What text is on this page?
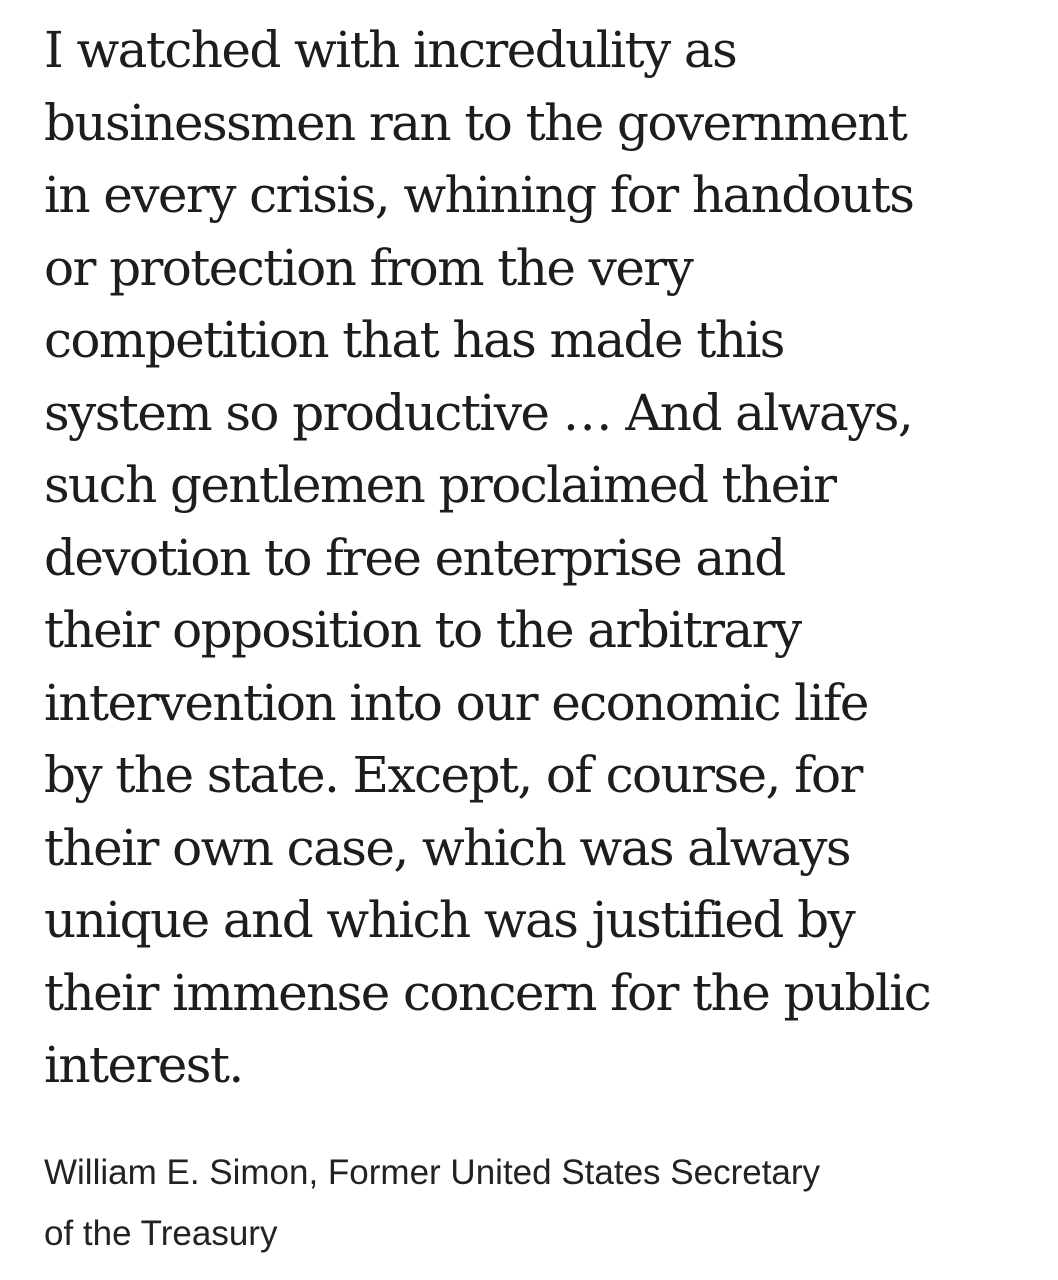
I watched with incredulity as
businessmen ran to the government
in every crisis, whining for handouts
or protection from the very
competition that has made this
system so productive … And always,
such gentlemen proclaimed their
devotion to free enterprise and
their opposition to the arbitrary
intervention into our economic life
by the state. Except, of course, for
their own case, which was always
unique and which was justified by
their immense concern for the public
interest.
William E. Simon, Former United States Secretary
of the Treasury
